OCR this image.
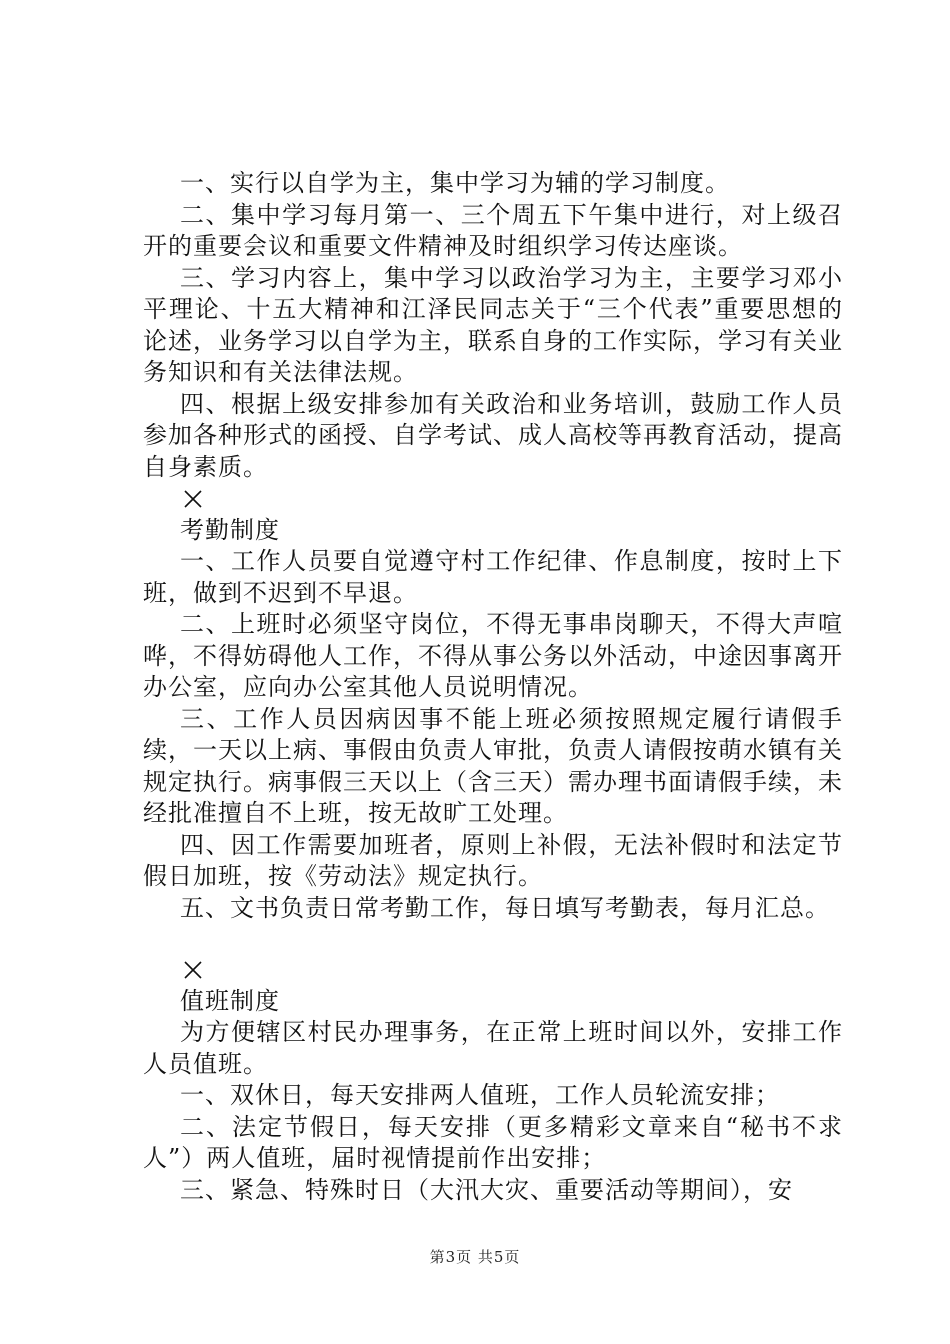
一、实行以自学为主，集中学习为辅的学习制度。

二、集中学习每月第一、三个周五下午集中进行，对上级召开的重要会议和重要文件精神及时组织学习传达座谈。

三、学习内容上，集中学习以政治学习为主，主要学习邓小平理论、十五大精神和江泽民同志关于“三个代表”重要思想的论述，业务学习以自学为主，联系自身的工作实际，学习有关业务知识和有关法律法规。

四、根据上级安排参加有关政治和业务培训，鼓励工作人员参加各种形式的函授、自学考试、成人高校等再教育活动，提高自身素质。

考勤制度

一、工作人员要自觉遵守村工作纪律、作息制度，按时上下班，做到不迟到不早退。

二、上班时必须坚守岗位，不得无事串岗聊天，不得大声喧哗，不得妨碍他人工作，不得从事公务以外活动，中途因事离开办公室，应向办公室其他人员说明情况。

三、工作人员因病因事不能上班必须按照规定履行请假手续，一天以上病、事假由负责人审批，负责人请假按萌水镇有关规定执行。病事假三天以上（含三天）需办理书面请假手续，未经批准擅自不上班，按无故旷工处理。

四、因工作需要加班者，原则上补假，无法补假时和法定节假日加班，按《劳动法》规定执行。

五、文书负责日常考勤工作，每日填写考勤表，每月汇总。

值班制度

为方便辖区村民办理事务，在正常上班时间以外，安排工作人员值班。

一、双休日，每天安排两人值班，工作人员轮流安排；

二、法定节假日，每天安排（更多精彩文章来自“秘书不求人”）两人值班，届时视情提前作出安排；

三、紧急、特殊时日（大汛大灾、重要活动等期间），安

第3页 共5页
